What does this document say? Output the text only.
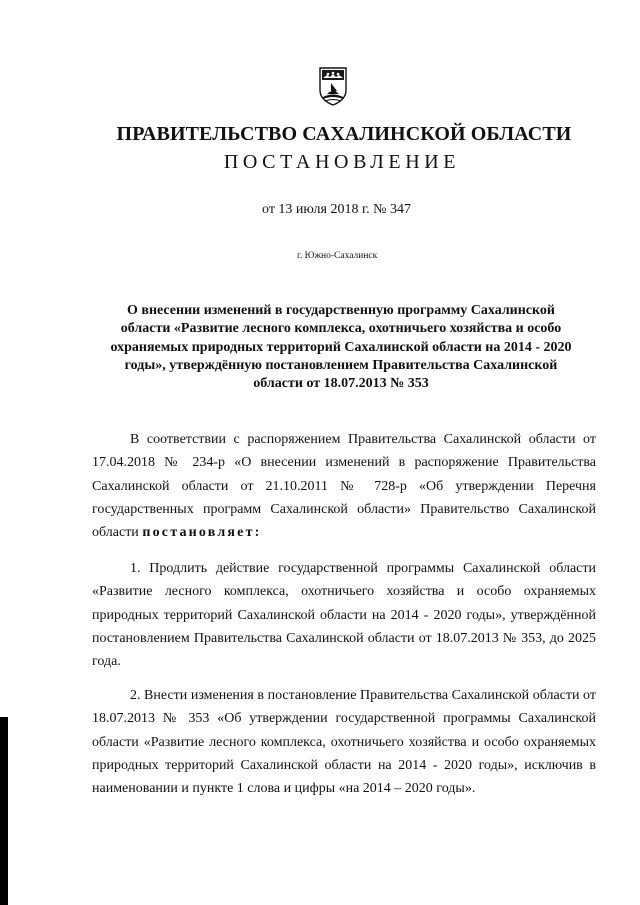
ПРАВИТЕЛЬСТВО САХАЛИНСКОЙ ОБЛАСТИ
ПОСТАНОВЛЕНИЕ
от 13 июля 2018 г. № 347
г. Южно-Сахалинск
О внесении изменений в государственную программу Сахалинской области «Развитие лесного комплекса, охотничьего хозяйства и особо охраняемых природных территорий Сахалинской области на 2014 - 2020 годы», утверждённую постановлением Правительства Сахалинской области от 18.07.2013 № 353

В соответствии с распоряжением Правительства Сахалинской области от 17.04.2018 № 234-р «О внесении изменений в распоряжение Правительства Сахалинской области от 21.10.2011 № 728-р «Об утверждении Перечня государственных программ Сахалинской области» Правительство Сахалинской области постановляет:

1. Продлить действие государственной программы Сахалинской области «Развитие лесного комплекса, охотничьего хозяйства и особо охраняемых природных территорий Сахалинской области на 2014 - 2020 годы», утверждённой постановлением Правительства Сахалинской области от 18.07.2013 № 353, до 2025 года.

2. Внести изменения в постановление Правительства Сахалинской области от 18.07.2013 № 353 «Об утверждении государственной программы Сахалинской области «Развитие лесного комплекса, охотничьего хозяйства и особо охраняемых природных территорий Сахалинской области на 2014 - 2020 годы», исключив в наименовании и пункте 1 слова и цифры «на 2014 – 2020 годы».
